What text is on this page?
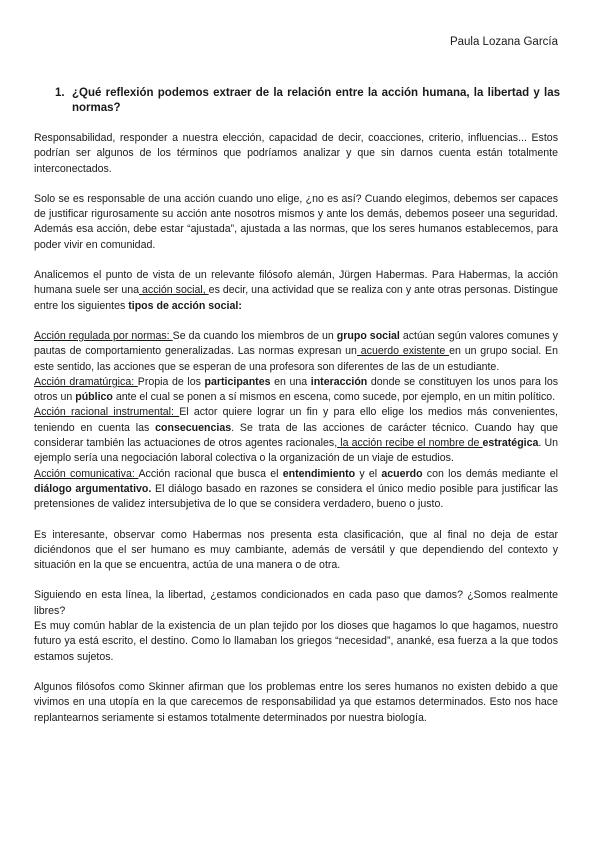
Paula Lozana García
1. ¿Qué reflexión podemos extraer de la relación entre la acción humana, la libertad y las normas?

Responsabilidad, responder a nuestra elección, capacidad de decir, coacciones, criterio, influencias... Estos podrían ser algunos de los términos que podríamos analizar y que sin darnos cuenta están totalmente interconectados.

Solo se es responsable de una acción cuando uno elige, ¿no es así? Cuando elegimos, debemos ser capaces de justificar rigurosamente su acción ante nosotros mismos y ante los demás, debemos poseer una seguridad. Además esa acción, debe estar “ajustada”, ajustada a las normas, que los seres humanos establecemos, para poder vivir en comunidad.

Analicemos el punto de vista de un relevante filósofo alemán, Jürgen Habermas. Para Habermas, la acción humana suele ser una acción social, es decir, una actividad que se realiza con y ante otras personas. Distingue entre los siguientes tipos de acción social:

Acción regulada por normas: Se da cuando los miembros de un grupo social actúan según valores comunes y pautas de comportamiento generalizadas. Las normas expresan un acuerdo existente en un grupo social. En este sentido, las acciones que se esperan de una profesora son diferentes de las de un estudiante.

Acción dramatúrgica: Propia de los participantes en una interacción donde se constituyen los unos para los otros un público ante el cual se ponen a sí mismos en escena, como sucede, por ejemplo, en un mitin político.

Acción racional instrumental: El actor quiere lograr un fin y para ello elige los medios más convenientes, teniendo en cuenta las consecuencias. Se trata de las acciones de carácter técnico. Cuando hay que considerar también las actuaciones de otros agentes racionales, la acción recibe el nombre de estratégica. Un ejemplo sería una negociación laboral colectiva o la organización de un viaje de estudios.

Acción comunicativa: Acción racional que busca el entendimiento y el acuerdo con los demás mediante el diálogo argumentativo. El diálogo basado en razones se considera el único medio posible para justificar las pretensiones de validez intersubjetiva de lo que se considera verdadero, bueno o justo.

Es interesante, observar como Habermas nos presenta esta clasificación, que al final no deja de estar diciéndonos que el ser humano es muy cambiante, además de versátil y que dependiendo del contexto y situación en la que se encuentra, actúa de una manera o de otra.

Siguiendo en esta línea, la libertad, ¿estamos condicionados en cada paso que damos? ¿Somos realmente libres?

Es muy común hablar de la existencia de un plan tejido por los dioses que hagamos lo que hagamos, nuestro futuro ya está escrito, el destino. Como lo llamaban los griegos “necesidad”, ananké, esa fuerza a la que todos estamos sujetos.

Algunos filósofos como Skinner afirman que los problemas entre los seres humanos no existen debido a que vivimos en una utopía en la que carecemos de responsabilidad ya que estamos determinados. Esto nos hace replantearnos seriamente si estamos totalmente determinados por nuestra biología.
